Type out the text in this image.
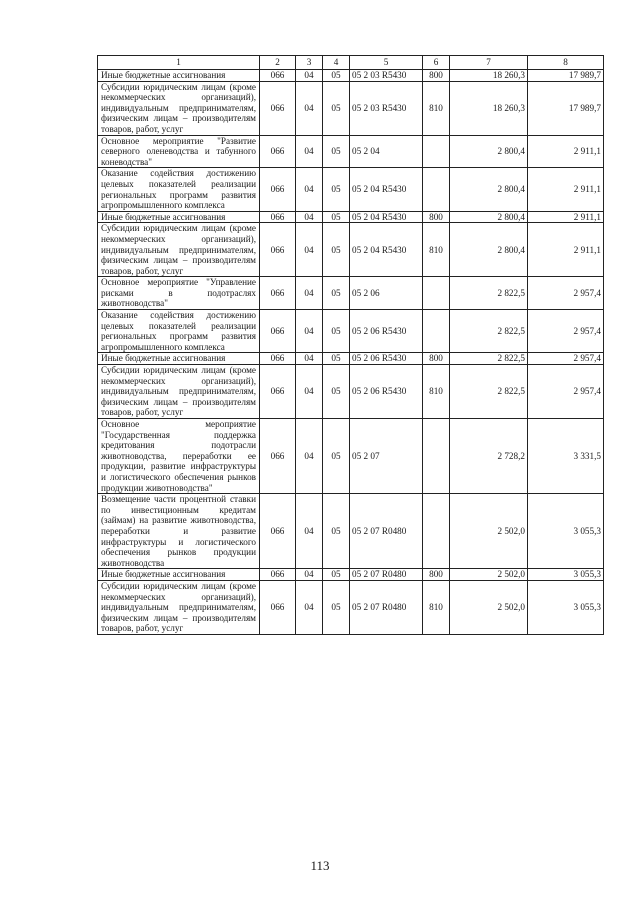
1	2	3	4	5	6	7	8
Иные бюджетные ассигнования	066	04	05	05 2 03 R5430	800	18 260,3	17 989,7
Субсидии юридическим лицам (кроме некоммерческих организаций), индивидуальным предпринимателям, физическим лицам – производителям товаров, работ, услуг	066	04	05	05 2 03 R5430	810	18 260,3	17 989,7
Основное мероприятие "Развитие северного оленеводства и табунного коневодства"	066	04	05	05 2 04		2 800,4	2 911,1
Оказание содействия достижению целевых показателей реализации региональных программ развития агропромышленного комплекса	066	04	05	05 2 04 R5430		2 800,4	2 911,1
Иные бюджетные ассигнования	066	04	05	05 2 04 R5430	800	2 800,4	2 911,1
Субсидии юридическим лицам (кроме некоммерческих организаций), индивидуальным предпринимателям, физическим лицам – производителям товаров, работ, услуг	066	04	05	05 2 04 R5430	810	2 800,4	2 911,1
Основное мероприятие "Управление рисками в подотраслях животноводства"	066	04	05	05 2 06		2 822,5	2 957,4
Оказание содействия достижению целевых показателей реализации региональных программ развития агропромышленного комплекса	066	04	05	05 2 06 R5430		2 822,5	2 957,4
Иные бюджетные ассигнования	066	04	05	05 2 06 R5430	800	2 822,5	2 957,4
Субсидии юридическим лицам (кроме некоммерческих организаций), индивидуальным предпринимателям, физическим лицам – производителям товаров, работ, услуг	066	04	05	05 2 06 R5430	810	2 822,5	2 957,4
Основное мероприятие "Государственная поддержка кредитования подотрасли животноводства, переработки ее продукции, развитие инфраструктуры и логистического обеспечения рынков продукции животноводства"	066	04	05	05 2 07		2 728,2	3 331,5
Возмещение части процентной ставки по инвестиционным кредитам (займам) на развитие животноводства, переработки и развитие инфраструктуры и логистического обеспечения рынков продукции животноводства	066	04	05	05 2 07 R0480		2 502,0	3 055,3
Иные бюджетные ассигнования	066	04	05	05 2 07 R0480	800	2 502,0	3 055,3
Субсидии юридическим лицам (кроме некоммерческих организаций), индивидуальным предпринимателям, физическим лицам – производителям товаров, работ, услуг	066	04	05	05 2 07 R0480	810	2 502,0	3 055,3
113
